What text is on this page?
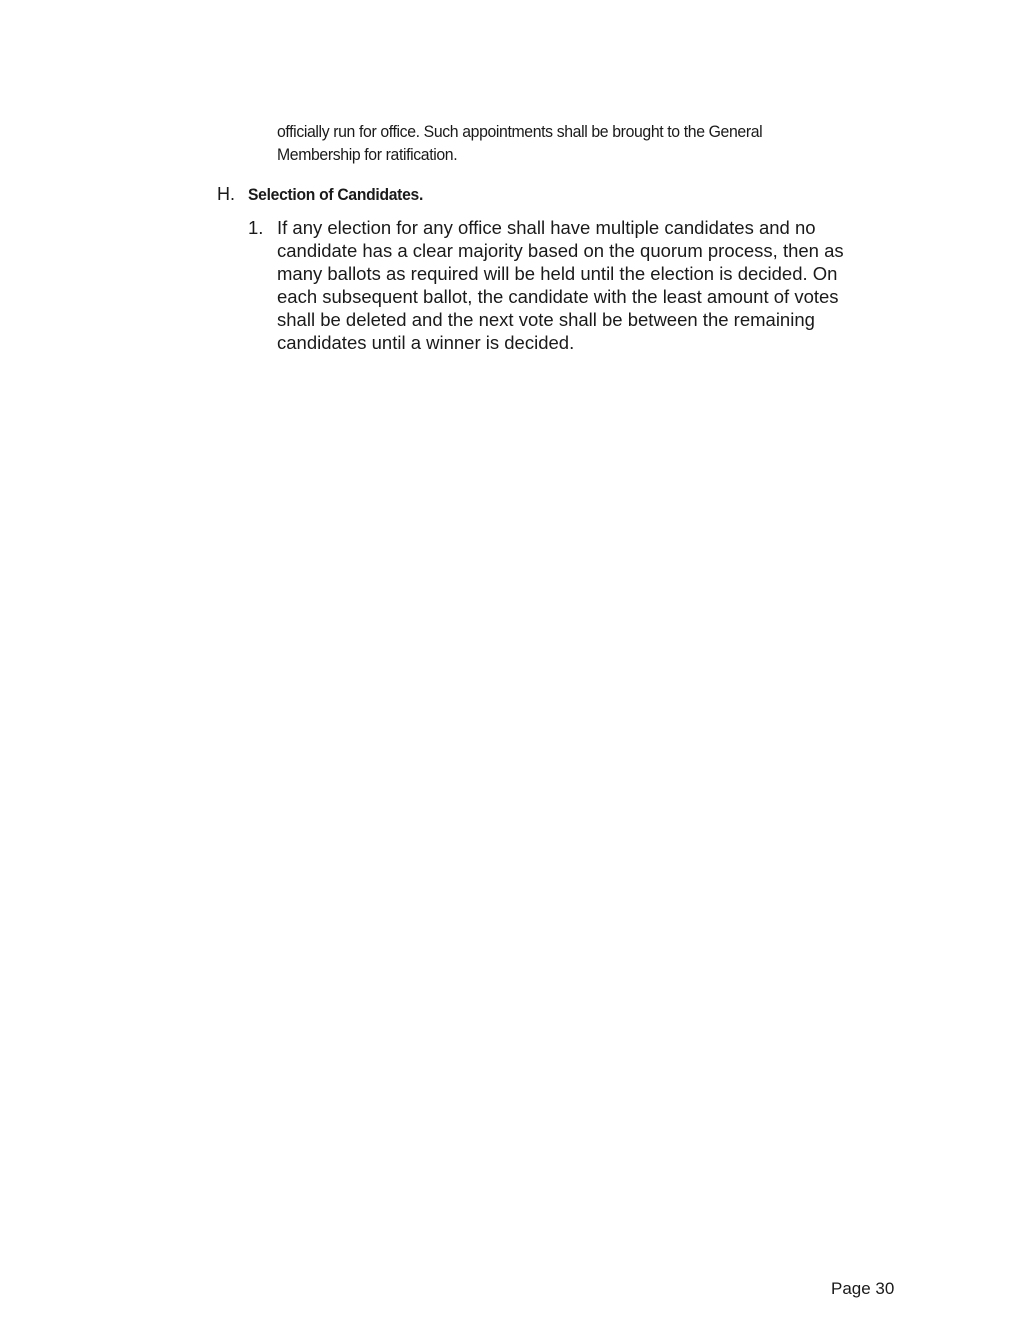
officially run for office. Such appointments shall be brought to the General
Membership for ratification.
H. Selection of Candidates.
1. If any election for any office shall have multiple candidates and no
candidate has a clear majority based on the quorum process, then as
many ballots as required will be held until the election is decided. On
each subsequent ballot, the candidate with the least amount of votes
shall be deleted and the next vote shall be between the remaining
candidates until a winner is decided.
Page 30
